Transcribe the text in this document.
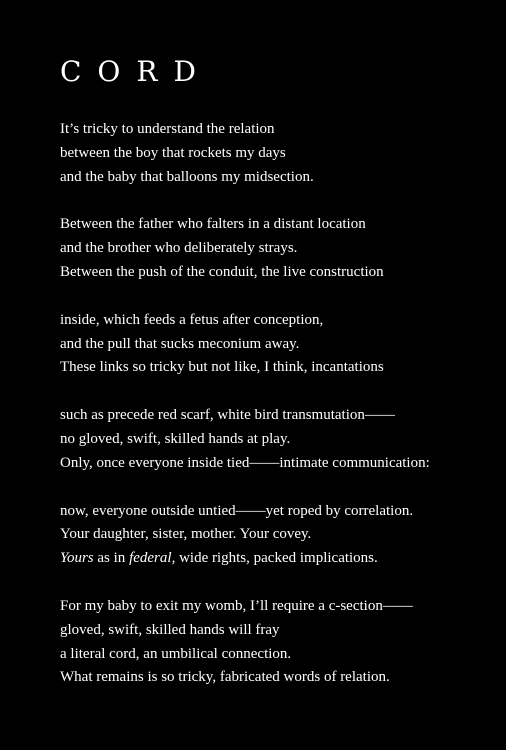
CORD
It’s tricky to understand the relation
between the boy that rockets my days
and the baby that balloons my midsection.
Between the father who falters in a distant location
and the brother who deliberately strays.
Between the push of the conduit, the live construction
inside, which feeds a fetus after conception,
and the pull that sucks meconium away.
These links so tricky but not like, I think, incantations
such as precede red scarf, white bird transmutation——
no gloved, swift, skilled hands at play.
Only, once everyone inside tied——intimate communication:
now, everyone outside untied——yet roped by correlation.
Your daughter, sister, mother. Your covey.
Yours as in federal, wide rights, packed implications.
For my baby to exit my womb, I’ll require a c-section——
gloved, swift, skilled hands will fray
a literal cord, an umbilical connection.
What remains is so tricky, fabricated words of relation.
